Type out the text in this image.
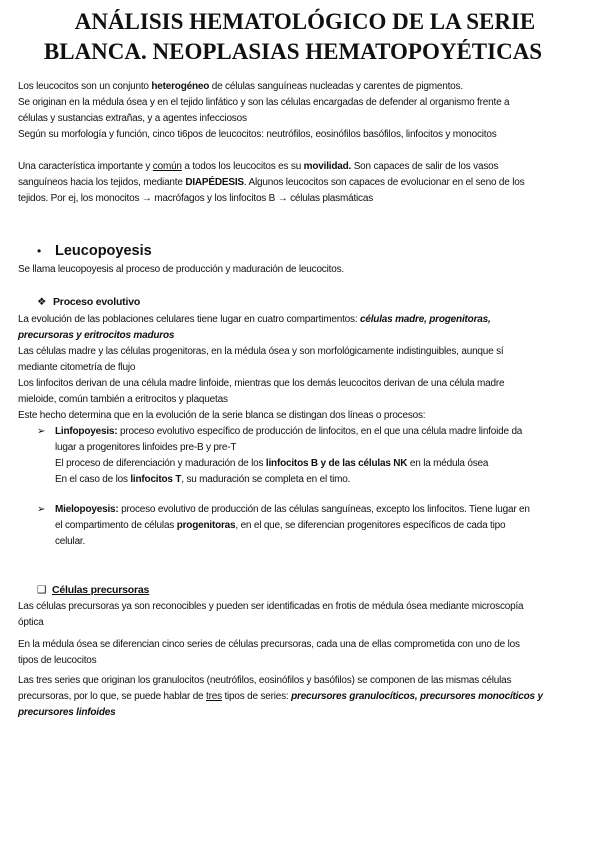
ANÁLISIS HEMATOLÓGICO DE LA SERIE
BLANCA. NEOPLASIAS HEMATOPOYÉTICAS
Los leucocitos son un conjunto heterogéneo de células sanguíneas nucleadas y carentes de pigmentos.
Se originan en la médula ósea y en el tejido linfático y son las células encargadas de defender al organismo frente a
células y sustancias extrañas, y a agentes infecciosos
Según su morfología y función, cinco ti6pos de leucocitos: neutrófilos, eosinófilos basófilos, linfocitos y monocitos
Una característica importante y común a todos los leucocitos es su movilidad. Son capaces de salir de los vasos
sanguíneos hacia los tejidos, mediante DIAPÉDESIS. Algunos leucocitos son capaces de evolucionar en el seno de los
tejidos. Por ej, los monocitos → macrófagos y los linfocitos B → células plasmáticas
• Leucopoyesis
Se llama leucopoyesis al proceso de producción y maduración de leucocitos.
❖ Proceso evolutivo
La evolución de las poblaciones celulares tiene lugar en cuatro compartimentos: células madre, progenitoras,
precursoras y eritrocitos maduros
Las células madre y las células progenitoras, en la médula ósea y son morfológicamente indistinguibles, aunque sí
mediante citometría de flujo
Los linfocitos derivan de una célula madre linfoide, mientras que los demás leucocitos derivan de una célula madre
mieloide, común también a eritrocitos y plaquetas
Este hecho determina que en la evolución de la serie blanca se distingan dos líneas o procesos:
➢ Linfopoyesis: proceso evolutivo específico de producción de linfocitos, en el que una célula madre linfoide da
lugar a progenitores linfoides pre-B y pre-T
El proceso de diferenciación y maduración de los linfocitos B y de las células NK en la médula ósea
En el caso de los linfocitos T, su maduración se completa en el timo.
➢ Mielopoyesis: proceso evolutivo de producción de las células sanguíneas, excepto los linfocitos. Tiene lugar en
el compartimento de células progenitoras, en el que, se diferencian progenitores específicos de cada tipo
celular.
❑ Células precursoras
Las células precursoras ya son reconocibles y pueden ser identificadas en frotis de médula ósea mediante microscopía
óptica
En la médula ósea se diferencian cinco series de células precursoras, cada una de ellas comprometida con uno de los
tipos de leucocitos
Las tres series que originan los granulocitos (neutrófilos, eosinófilos y basófilos) se componen de las mismas células
precursoras, por lo que, se puede hablar de tres tipos de series: precursores granulocíticos, precursores monocíticos y
precursores linfoides
